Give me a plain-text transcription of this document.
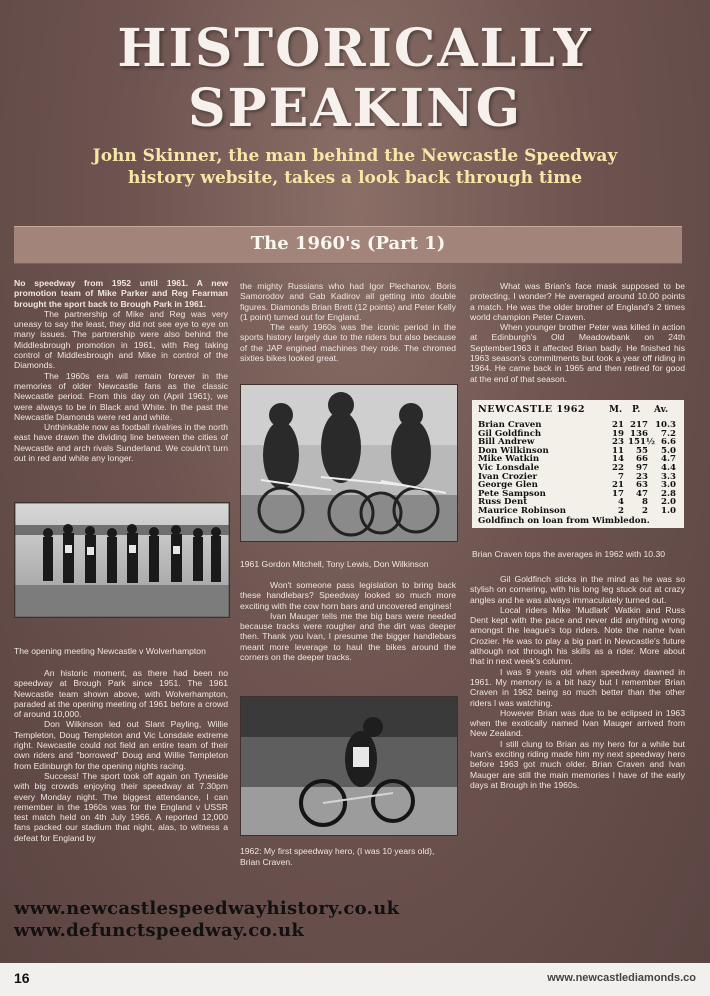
HISTORICALLY
SPEAKING
John Skinner, the man behind the Newcastle Speedway history website, takes a look back through time
The 1960's (Part 1)

No speedway from 1952 until 1961. A new promotion team of Mike Parker and Reg Fearman brought the sport back to Brough Park in 1961.

The partnership of Mike and Reg was very uneasy to say the least, they did not see eye to eye on many issues. The partnership were also behind the Middlesbrough promotion in 1961, with Reg taking control of Middlesbrough and Mike in control of the Diamonds.

The 1960s era will remain forever in the memories of older Newcastle fans as the classic Newcastle period. From this day on (April 1961), we were always to be in Black and White. In the past the Newcastle Diamonds were red and white.

Unthinkable now as football rivalries in the north east have drawn the dividing line between the cities of Newcastle and arch rivals Sunderland. We couldn't turn out in red and white any longer.

The opening meeting Newcastle v Wolverhampton

An historic moment, as there had been no speedway at Brough Park since 1951. The 1961 Newcastle team shown above, with Wolverhampton, paraded at the opening meeting of 1961 before a crowd of around 10,000.

Don Wilkinson led out Slant Payling, Willie Templeton, Doug Templeton and Vic Lonsdale extreme right. Newcastle could not field an entire team of their own riders and "borrowed" Doug and Willie Templeton from Edinburgh for the opening nights racing.

Success! The sport took off again on Tyneside with big crowds enjoying their speedway at 7.30pm every Monday night. The biggest attendance, I can remember in the 1960s was for the England v USSR test match held on 4th July 1966. A reported 12,000 fans packed our stadium that night, alas, to witness a defeat for England by

the mighty Russians who had Igor Plechanov, Boris Samorodov and Gab Kadirov all getting into double figures. Diamonds Brian Brett (12 points) and Peter Kelly (1 point) turned out for England.

The early 1960s was the iconic period in the sports history largely due to the riders but also because of the JAP engined machines they rode. The chromed sixties bikes looked great.

1961 Gordon Mitchell, Tony Lewis, Don Wilkinson

Won't someone pass legislation to bring back these handlebars? Speedway looked so much more exciting with the cow horn bars and uncovered engines!

Ivan Mauger tells me the big bars were needed because tracks were rougher and the dirt was deeper then. Thank you Ivan, I presume the bigger handlebars meant more leverage to haul the bikes around the corners on the deeper tracks.

1962: My first speedway hero, (I was 10 years old), Brian Craven.

What was Brian's face mask supposed to be protecting, I wonder? He averaged around 10.00 points a match. He was the older brother of England's 2 times world champion Peter Craven.

When younger brother Peter was killed in action at Edinburgh's Old Meadowbank on 24th September1963 it affected Brian badly. He finished his 1963 season's commitments but took a year off riding in 1964. He came back in 1965 and then retired for good at the end of that season.

NEWCASTLE 1962	M. P. Av.
Brian Craven	21 217 10.3
Gil Goldfinch	19 136	7.2
Bill Andrew	23 151½ 6.6
Don Wilkinson	11	55	5.0
Mike Watkin	14	66	4.7
Vic Lonsdale	22	97	4.4
Ivan Crozier	7	23	3.3
George Glen	21	63	3.0
Pete Sampson	17	47	2.8
Russ Dent	4	8	2.0
Maurice Robinson	2	2	1.0
Goldfinch on loan from Wimbledon.
Brian Craven tops the averages in 1962 with 10.30

Gil Goldfinch sticks in the mind as he was so stylish on cornering, with his long leg stuck out at crazy angles and he was always immaculately turned out.

Local riders Mike 'Mudlark' Watkin and Russ Dent kept with the pace and never did anything wrong amongst the league's top riders. Note the name Ivan Crozier. He was to play a big part in Newcastle's future although not through his skills as a rider. More about that in next week's column.

I was 9 years old when speedway dawned in 1961. My memory is a bit hazy but I remember Brian Craven in 1962 being so much better than the other riders I was watching.

However Brian was due to be eclipsed in 1963 when the exotically named Ivan Mauger arrived from New Zealand.

I still clung to Brian as my hero for a while but Ivan's exciting riding made him my next speedway hero before 1963 got much older. Brian Craven and Ivan Mauger are still the main memories I have of the early days at Brough in the 1960s.

www.newcastlespeedwayhistory.co.uk
www.defunctspeedway.co.uk
16	www.newcastlediamonds.co
